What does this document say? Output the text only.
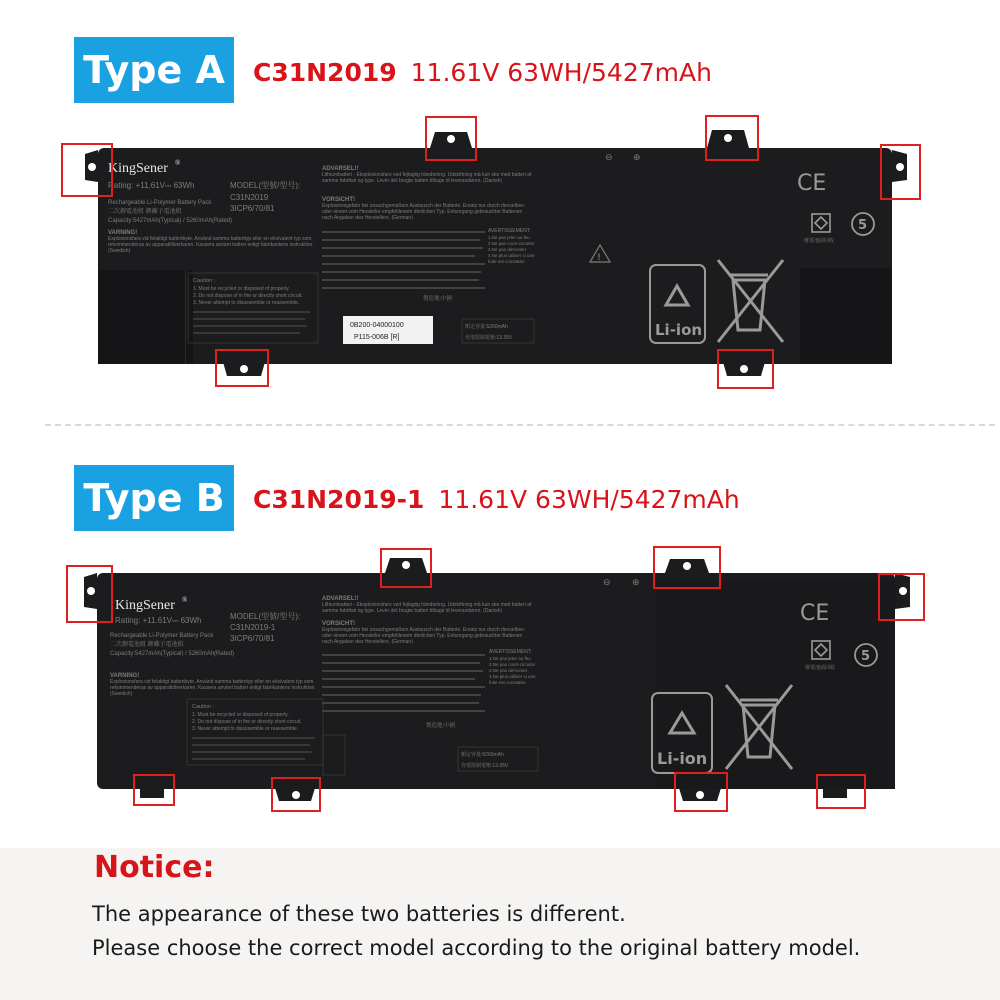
Type A	C31N2019 11.61V 63WH/5427mAh
KingSener ®
Rating: +11.61V⎓ 63Wh	MODEL(型號/型号):
C31N2019
3ICP6/70/81
Rechargeable Li-Polymer Battery Pack
二次鋰電池組 鋰離子電池組
Capacity:5427mAh(Typical) / 5260mAh(Rated)
VARNING!
Explosionsfara vid felaktigt batteribyte. Använd samma batterityp eller en ekvivalent typ som rekommenderas av apparattillverkaren. Kassera använt batteri enligt fabrikantens instruktion. (Swedish)
ADVARSEL!!
Lithiumbatteri - Eksplosionsfare ved fejlagtig håndtering. Udskiftning må kun ske med batteri af samme fabrikat og type. Levér det brugte batteri tilbage til leverandøren. (Danish)
VORSICHT!
Explosionsgefahr bei unsachgemäßem Austausch der Batterie. Ersatz nur durch denselben oder einem vom Hersteller empfohlenem ähnlichen Typ. Entsorgung gebrauchter Batterien nach Angaben des Herstellers. (German)
AVERTISSEMENT:
1.Ne pas jeter au feu
2.Ne pas court-circuiter
3.Ne pas démonter
4.Ne plus utiliser si une
fuite est constatée
Caution :
1. Must be recycled or disposed of properly.
2. Do not dispose of in fire or directly short circuit.
3. Never attempt to disassemble or reassemble.
製造地:中國
0B200-04000100
P115-006B [R]
額定容量:5260mAh
充電限制電壓:13.35V
⊖ ⊕
!
CE
廢電池請回收
5
Li-ion
Type B	C31N2019-1 11.61V 63WH/5427mAh
KingSener ®
Rating: +11.61V⎓ 63Wh	MODEL(型號/型号):
C31N2019-1
3ICP6/70/81
Rechargeable Li-Polymer Battery Pack
二次鋰電池組 鋰離子電池組
Capacity:5427mAh(Typical) / 5260mAh(Rated)
VARNING!
Explosionsfara vid felaktigt batteribyte. Använd samma batterityp eller en ekvivalent typ som rekommenderas av apparattillverkaren. Kassera använt batteri enligt fabrikantens instruktion. (Swedish)
ADVARSEL!!
Lithiumbatteri - Eksplosionsfare ved fejlagtig håndtering. Udskiftning må kun ske med batteri af samme fabrikat og type. Levér det brugte batteri tilbage til leverandøren. (Danish)
VORSICHT!
Explosionsgefahr bei unsachgemäßem Austausch der Batterie. Ersatz nur durch denselben oder einem vom Hersteller empfohlenem ähnlichen Typ. Entsorgung gebrauchter Batterien nach Angaben des Herstellers. (German)
AVERTISSEMENT:
1.Ne pas jeter au feu
2.Ne pas court-circuiter
3.Ne pas démonter
4.Ne plus utiliser si une
fuite est constatée
Caution :
1. Must be recycled or disposed of properly.
2. Do not dispose of in fire or directly short circuit.
3. Never attempt to disassemble or reassemble.	製造地:中國
額定容量:5260mAh
充電限制電壓:13.35V
⊖ ⊕
CE
廢電池請回收
5
Li-ion
Notice:
The appearance of these two batteries is different.
Please choose the correct model according to the original battery model.
